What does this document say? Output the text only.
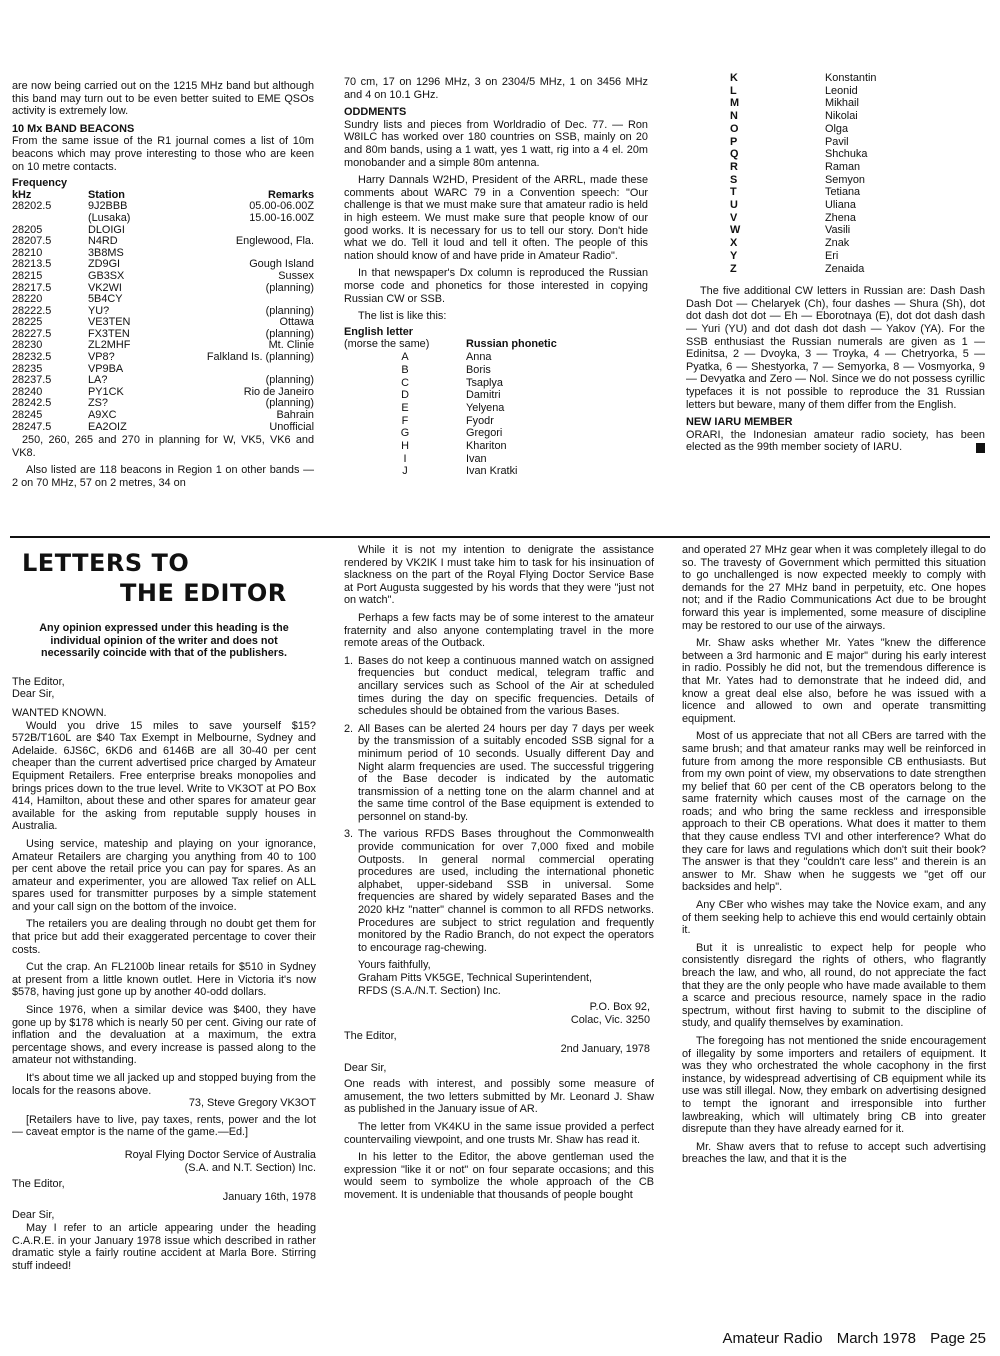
are now being carried out on the 1215 MHz band but although this band may turn out to be even better suited to EME QSOs activity is extremely low.

10 Mx BAND BEACONS

From the same issue of the R1 journal comes a list of 10m beacons which may prove interesting to those who are keen on 10 metre contacts.

Frequency
kHz	Station	Remarks
28202.5	9J2BBB	05.00-06.00Z
	(Lusaka)	15.00-16.00Z
28205	DLOIGI	
28207.5	N4RD	Englewood, Fla.
28210	3B8MS	
28213.5	ZD9GI	Gough Island
28215	GB3SX	Sussex
28217.5	VK2WI	(planning)
28220	5B4CY	
28222.5	YU?	(planning)
28225	VE3TEN	Ottawa
28227.5	FX3TEN	(planning)
28230	ZL2MHF	Mt. Clinie
28232.5	VP8?	Falkland Is. (planning)
28235	VP9BA	
28237.5	LA?	(planning)
28240	PY1CK	Rio de Janeiro
28242.5	ZS?	(planning)
28245	A9XC	Bahrain
28247.5	EA2OIZ	Unofficial

250, 260, 265 and 270 in planning for W, VK5, VK6 and VK8.

Also listed are 118 beacons in Region 1 on other bands — 2 on 70 MHz, 57 on 2 metres, 34 on

70 cm, 17 on 1296 MHz, 3 on 2304/5 MHz, 1 on 3456 MHz and 4 on 10.1 GHz.

ODDMENTS

Sundry lists and pieces from Worldradio of Dec. 77. — Ron W8ILC has worked over 180 countries on SSB, mainly on 20 and 80m bands, using a 1 watt, yes 1 watt, rig into a 4 el. 20m monobander and a simple 80m antenna.

Harry Dannals W2HD, President of the ARRL, made these comments about WARC 79 in a Convention speech: "Our challenge is that we must make sure that amateur radio is held in high esteem. We must make sure that people know of our good works. It is necessary for us to tell our story. Don't hide what we do. Tell it loud and tell it often. The people of this nation should know of and have pride in Amateur Radio".

In that newspaper's Dx column is reproduced the Russian morse code and phonetics for those interested in copying Russian CW or SSB.

The list is like this:

English letter	
(morse the same)	Russian phonetic
A	Anna
B	Boris
C	Tsaplya
D	Damitri
E	Yelyena
F	Fyodr
G	Gregori
H	Khariton
I	Ivan
J	Ivan Kratki
K	Konstantin
L	Leonid
M	Mikhail
N	Nikolai
O	Olga
P	Pavil
Q	Shchuka
R	Raman
S	Semyon
T	Tetiana
U	Uliana
V	Zhena
W	Vasili
X	Znak
Y	Eri
Z	Zenaida

The five additional CW letters in Russian are: Dash Dash Dash Dot — Chelaryek (Ch), four dashes — Shura (Sh), dot dot dash dot dot — Eh — Eborotnaya (E), dot dot dash dash — Yuri (YU) and dot dash dot dash — Yakov (YA). For the SSB enthusiast the Russian numerals are given as 1 — Edinitsa, 2 — Dvoyka, 3 — Troyka, 4 — Chetryorka, 5 — Pyatka, 6 — Shestyorka, 7 — Semyorka, 8 — Vosmyorka, 9 — Devyatka and Zero — Nol. Since we do not possess cyrillic typefaces it is not possible to reproduce the 31 Russian letters but beware, many of them differ from the English.

NEW IARU MEMBER

ORARI, the Indonesian amateur radio society, has been elected as the 99th member society of IARU.

LETTERS TO
THE EDITOR
Any opinion expressed under this heading is the individual opinion of the writer and does not necessarily coincide with that of the publishers.
The Editor,
Dear Sir,
WANTED KNOWN.

Would you drive 15 miles to save yourself $15? 572B/T160L are $40 Tax Exempt in Melbourne, Sydney and Adelaide. 6JS6C, 6KD6 and 6146B are all 30-40 per cent cheaper than the current advertised price charged by Amateur Equipment Retailers. Free enterprise breaks monopolies and brings prices down to the true level. Write to VK3OT at PO Box 414, Hamilton, about these and other spares for amateur gear available for the asking from reputable supply houses in Australia.

Using service, mateship and playing on your ignorance, Amateur Retailers are charging you anything from 40 to 100 per cent above the retail price you can pay for spares. As an amateur and experimenter, you are allowed Tax relief on ALL spares used for transmitter purposes by a simple statement and your call sign on the bottom of the invoice.

The retailers you are dealing through no doubt get them for that price but add their exaggerated percentage to cover their costs.

Cut the crap. An FL2100b linear retails for $510 in Sydney at present from a little known outlet. Here in Victoria it's now $578, having just gone up by another 40-odd dollars.

Since 1976, when a similar device was $400, they have gone up by $178 which is nearly 50 per cent. Giving our rate of inflation and the devaluation at a maximum, the extra percentage shows, and every increase is passed along to the amateur not withstanding.

It's about time we all jacked up and stopped buying from the locals for the reasons above.

73, Steve Gregory VK3OT

[Retailers have to live, pay taxes, rents, power and the lot — caveat emptor is the name of the game.—Ed.]

Royal Flying Doctor Service of Australia
(S.A. and N.T. Section) Inc.
The Editor,
January 16th, 1978
Dear Sir,

May I refer to an article appearing under the heading C.A.R.E. in your January 1978 issue which described in rather dramatic style a fairly routine accident at Marla Bore. Stirring stuff indeed!

While it is not my intention to denigrate the assistance rendered by VK2IK I must take him to task for his insinuation of slackness on the part of the Royal Flying Doctor Service Base at Port Augusta suggested by his words that they were "just not on watch".

Perhaps a few facts may be of some interest to the amateur fraternity and also anyone contemplating travel in the more remote areas of the Outback.

1. Bases do not keep a continuous manned watch on assigned frequencies but conduct medical, telegram traffic and ancillary services such as School of the Air at scheduled times during the day on specific frequencies. Details of schedules should be obtained from the various Bases.
2. All Bases can be alerted 24 hours per day 7 days per week by the transmission of a suitably encoded SSB signal for a minimum period of 10 seconds. Usually different Day and Night alarm frequencies are used. The successful triggering of the Base decoder is indicated by the automatic transmission of a netting tone on the alarm channel and at the same time control of the Base equipment is extended to personnel on stand-by.
3. The various RFDS Bases throughout the Commonwealth provide communication for over 7,000 fixed and mobile Outposts. In general normal commercial operating procedures are used, including the international phonetic alphabet, upper-sideband SSB in universal. Some frequencies are shared by widely separated Bases and the 2020 kHz "natter" channel is common to all RFDS networks. Procedures are subject to strict regulation and frequently monitored by the Radio Branch, do not expect the operators to encourage rag-chewing.
Yours faithfully,
Graham Pitts VK5GE, Technical Superintendent,
RFDS (S.A./N.T. Section) Inc.
P.O. Box 92,
Colac, Vic. 3250
The Editor,
2nd January, 1978
Dear Sir,

One reads with interest, and possibly some measure of amusement, the two letters submitted by Mr. Leonard J. Shaw as published in the January issue of AR.

The letter from VK4KU in the same issue provided a perfect countervailing viewpoint, and one trusts Mr. Shaw has read it.

In his letter to the Editor, the above gentleman used the expression "like it or not" on four separate occasions; and this would seem to symbolize the whole approach of the CB movement. It is undeniable that thousands of people bought

and operated 27 MHz gear when it was completely illegal to do so. The travesty of Government which permitted this situation to go unchallenged is now expected meekly to comply with demands for the 27 MHz band in perpetuity, etc. One hopes not; and if the Radio Communications Act due to be brought forward this year is implemented, some measure of discipline may be restored to our use of the airways.

Mr. Shaw asks whether Mr. Yates "knew the difference between a 3rd harmonic and E major" during his early interest in radio. Possibly he did not, but the tremendous difference is that Mr. Yates had to demonstrate that he indeed did, and know a great deal else also, before he was issued with a licence and allowed to own and operate transmitting equipment.

Most of us appreciate that not all CBers are tarred with the same brush; and that amateur ranks may well be reinforced in future from among the more responsible CB enthusiasts. But from my own point of view, my observations to date strengthen my belief that 60 per cent of the CB operators belong to the same fraternity which causes most of the carnage on the roads; and who bring the same reckless and irresponsible approach to their CB operations. What does it matter to them that they cause endless TVI and other interference? What do they care for laws and regulations which don't suit their book? The answer is that they "couldn't care less" and therein is an answer to Mr. Shaw when he suggests we "get off our backsides and help".

Any CBer who wishes may take the Novice exam, and any of them seeking help to achieve this end would certainly obtain it.

But it is unrealistic to expect help for people who consistently disregard the rights of others, who flagrantly breach the law, and who, all round, do not appreciate the fact that they are the only people who have made available to them a scarce and precious resource, namely space in the radio spectrum, without first having to submit to the discipline of study, and qualify themselves by examination.

The foregoing has not mentioned the snide encouragement of illegality by some importers and retailers of equipment. It was they who orchestrated the whole cacophony in the first instance, by widespread advertising of CB equipment while its use was still illegal. Now, they embark on advertising designed to tempt the ignorant and irresponsible into further lawbreaking, which will ultimately bring CB into greater disrepute than they have already earned for it.

Mr. Shaw avers that to refuse to accept such advertising breaches the law, and that it is the

Amateur Radio March 1978 Page 25
